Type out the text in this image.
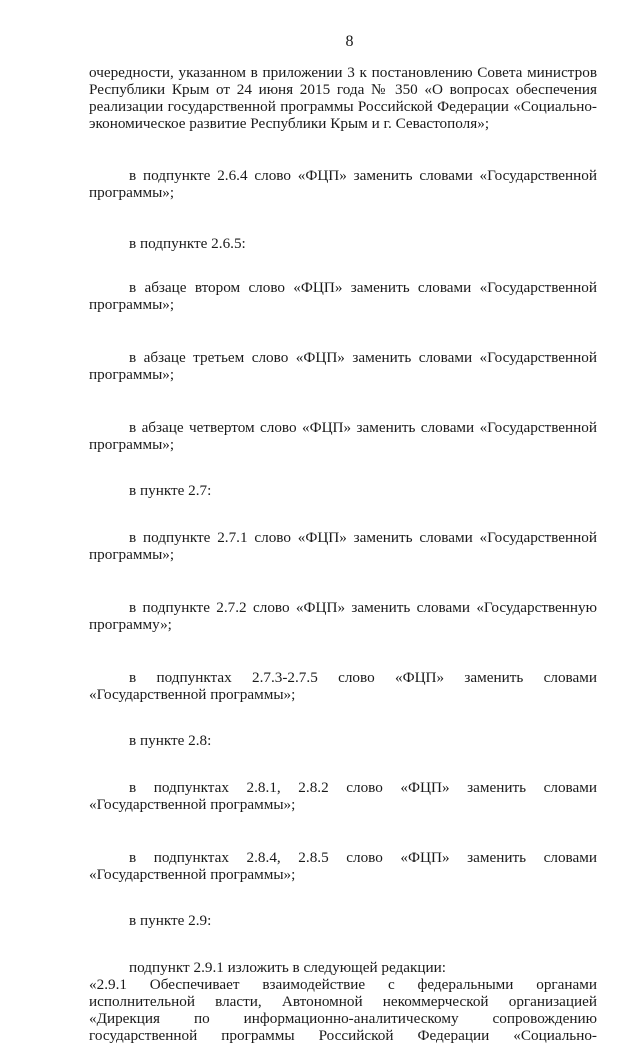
8

очередности, указанном в приложении 3 к постановлению Совета министров Республики Крым от 24 июня 2015 года № 350 «О вопросах обеспечения реализации государственной программы Российской Федерации «Социально-экономическое развитие Республики Крым и г. Севастополя»;

в подпункте 2.6.4 слово «ФЦП» заменить словами «Государственной программы»;

в подпункте 2.6.5:

в абзаце втором слово «ФЦП» заменить словами «Государственной программы»;

в абзаце третьем слово «ФЦП» заменить словами «Государственной программы»;

в абзаце четвертом слово «ФЦП» заменить словами «Государственной программы»;

в пункте 2.7:

в подпункте 2.7.1 слово «ФЦП» заменить словами «Государственной программы»;

в подпункте 2.7.2 слово «ФЦП» заменить словами «Государственную программу»;

в подпунктах 2.7.3-2.7.5 слово «ФЦП» заменить словами «Государственной программы»;

в пункте 2.8:

в подпунктах 2.8.1, 2.8.2 слово «ФЦП» заменить словами «Государственной программы»;

в подпунктах 2.8.4, 2.8.5 слово «ФЦП» заменить словами «Государственной программы»;

в пункте 2.9:

подпункт 2.9.1 изложить в следующей редакции:

«2.9.1 Обеспечивает взаимодействие с федеральными органами
исполнительной власти, Автономной некоммерческой организацией
«Дирекция по информационно-аналитическому сопровождению
государственной программы Российской Федерации «Социально-
